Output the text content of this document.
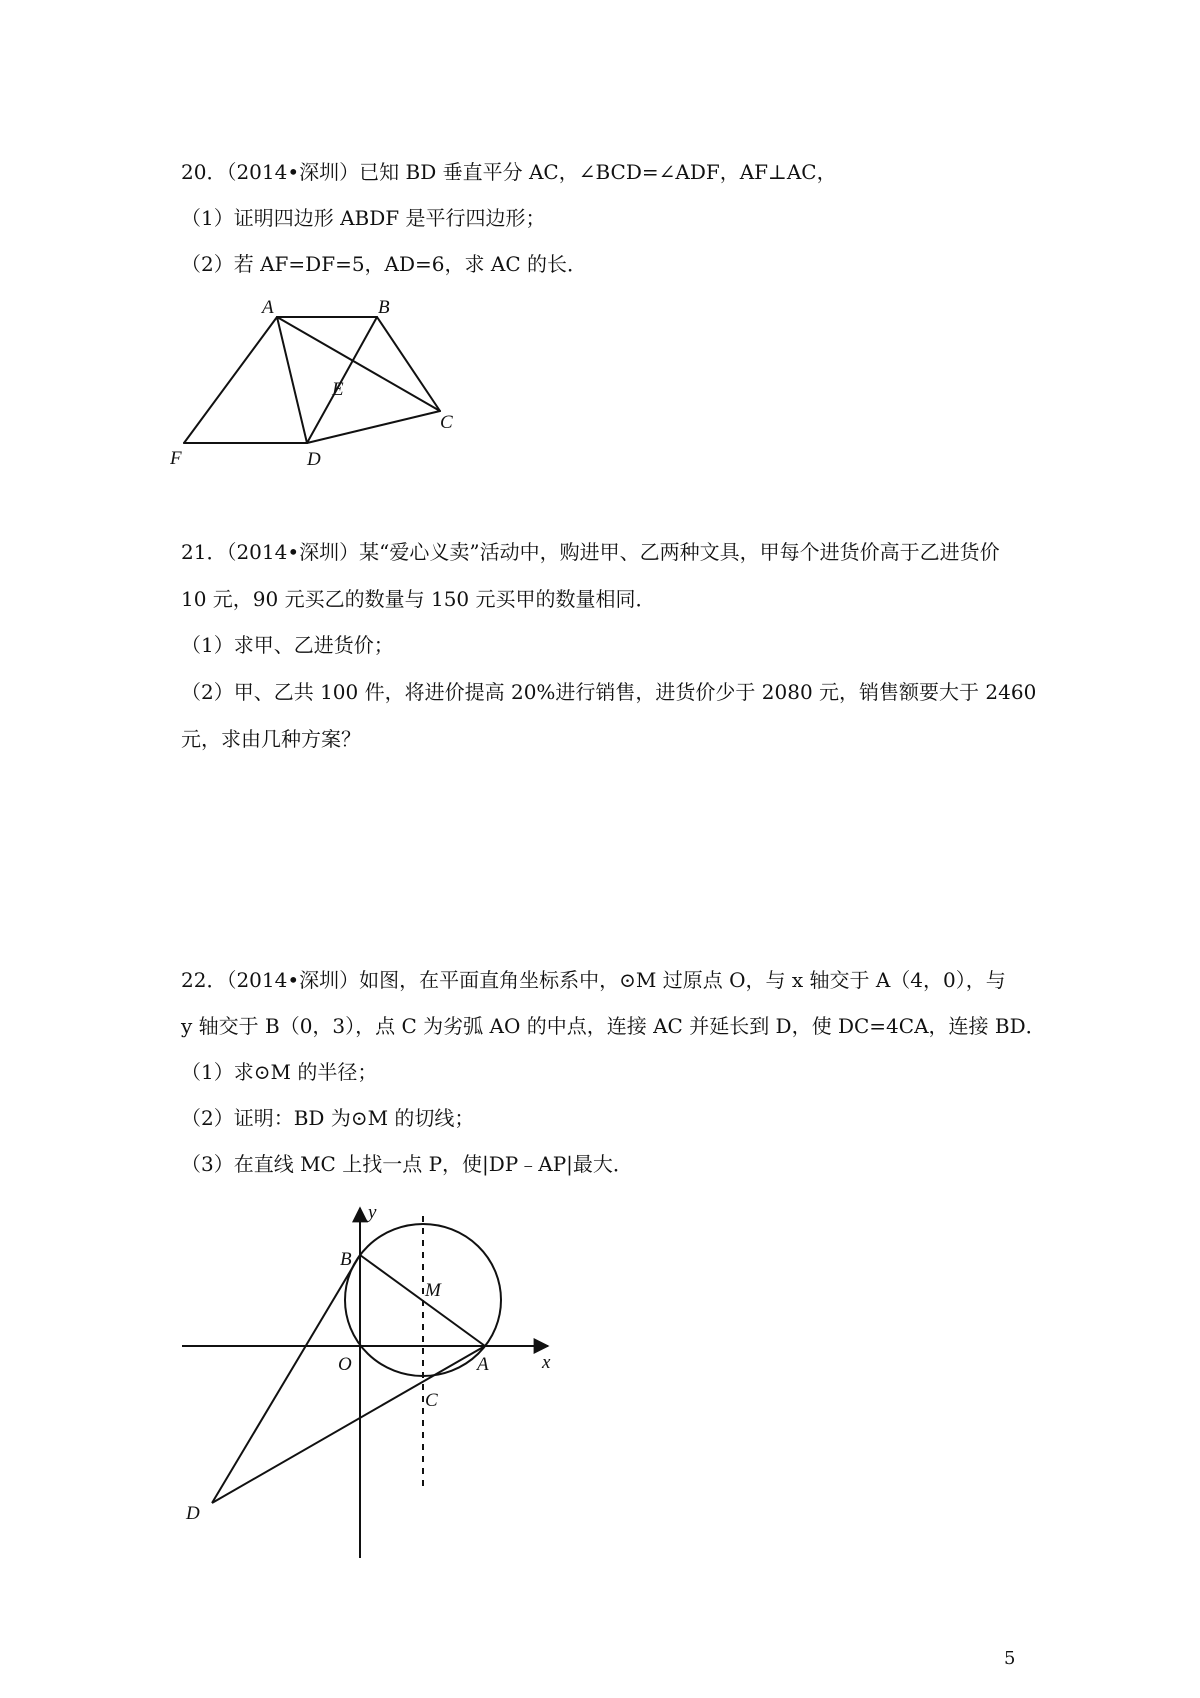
20．（2014•深圳）已知 BD 垂直平分 AC，∠BCD=∠ADF，AF⊥AC，
（1）证明四边形 ABDF 是平行四边形；
（2）若 AF=DF=5，AD=6，求 AC 的长．
A	B
E
C
F	D
21．（2014•深圳）某“爱心义卖”活动中，购进甲、乙两种文具，甲每个进货价高于乙进货价
10 元，90 元买乙的数量与 150 元买甲的数量相同．
（1）求甲、乙进货价；
（2）甲、乙共 100 件，将进价提高 20%进行销售，进货价少于 2080 元，销售额要大于 2460
元，求由几种方案？
22．（2014•深圳）如图，在平面直角坐标系中，⊙M 过原点 O，与 x 轴交于 A（4，0），与
y 轴交于 B（0，3），点 C 为劣弧 AO 的中点，连接 AC 并延长到 D，使 DC=4CA，连接 BD．
（1）求⊙M 的半径；
（2）证明：BD 为⊙M 的切线；
（3）在直线 MC 上找一点 P，使|DP﹣AP|最大．
y
x
B
M
O	A
C
D
5
